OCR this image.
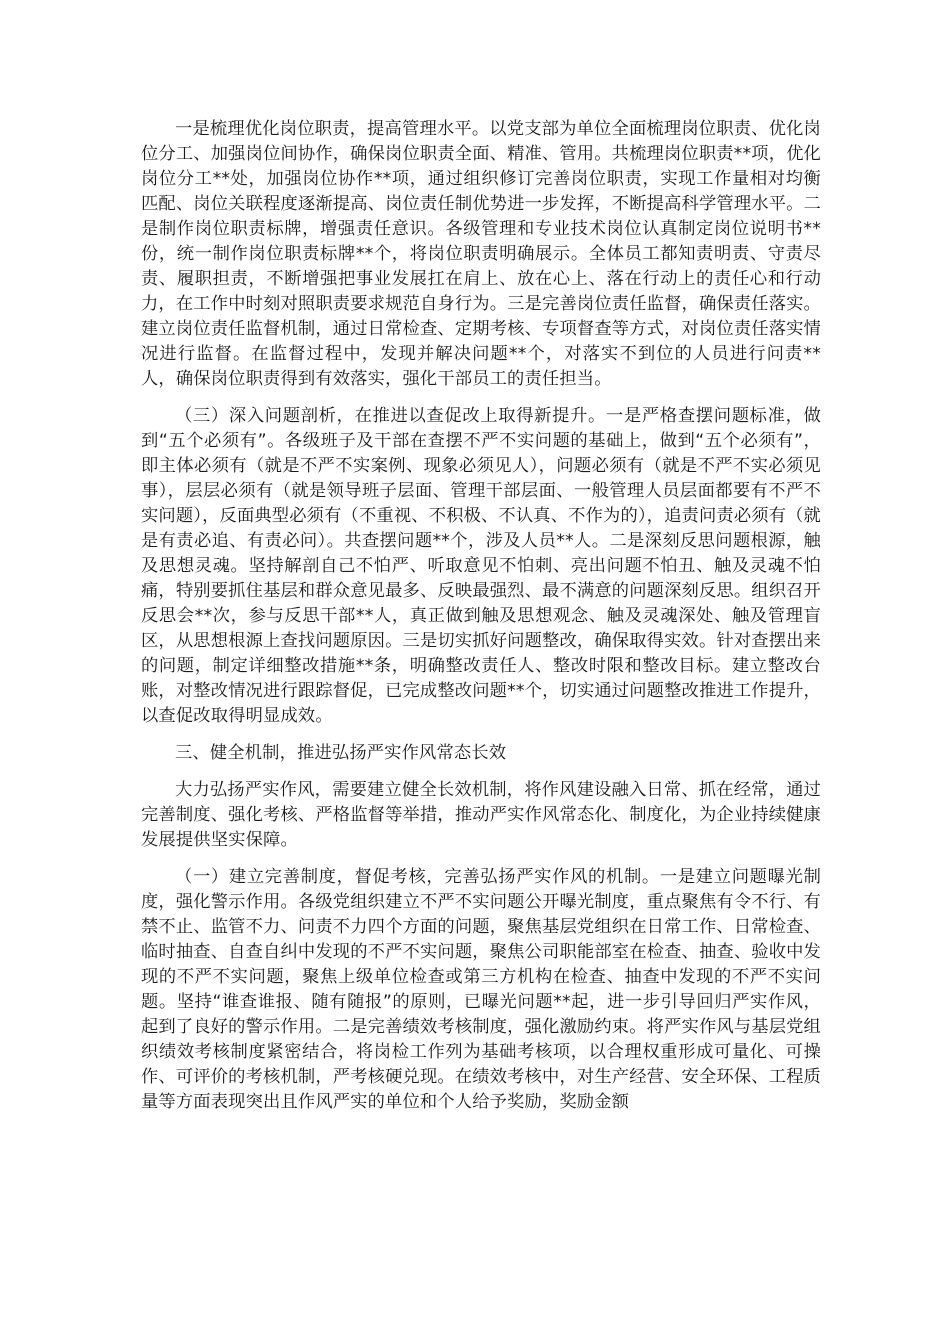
一是梳理优化岗位职责，提高管理水平。以党支部为单位全面梳理岗位职责、优化岗位分工、加强岗位间协作，确保岗位职责全面、精准、管用。共梳理岗位职责**项，优化岗位分工**处，加强岗位协作**项，通过组织修订完善岗位职责，实现工作量相对均衡匹配、岗位关联程度逐渐提高、岗位责任制优势进一步发挥，不断提高科学管理水平。二是制作岗位职责标牌，增强责任意识。各级管理和专业技术岗位认真制定岗位说明书**份，统一制作岗位职责标牌**个，将岗位职责明确展示。全体员工都知责明责、守责尽责、履职担责，不断增强把事业发展扛在肩上、放在心上、落在行动上的责任心和行动力，在工作中时刻对照职责要求规范自身行为。三是完善岗位责任监督，确保责任落实。建立岗位责任监督机制，通过日常检查、定期考核、专项督查等方式，对岗位责任落实情况进行监督。在监督过程中，发现并解决问题**个，对落实不到位的人员进行问责**人，确保岗位职责得到有效落实，强化干部员工的责任担当。

（三）深入问题剖析，在推进以查促改上取得新提升。一是严格查摆问题标准，做到“五个必须有”。各级班子及干部在查摆不严不实问题的基础上，做到“五个必须有”，即主体必须有（就是不严不实案例、现象必须见人），问题必须有（就是不严不实必须见事），层层必须有（就是领导班子层面、管理干部层面、一般管理人员层面都要有不严不实问题），反面典型必须有（不重视、不积极、不认真、不作为的），追责问责必须有（就是有责必追、有责必问）。共查摆问题**个，涉及人员**人。二是深刻反思问题根源，触及思想灵魂。坚持解剖自己不怕严、听取意见不怕刺、亮出问题不怕丑、触及灵魂不怕痛，特别要抓住基层和群众意见最多、反映最强烈、最不满意的问题深刻反思。组织召开反思会**次，参与反思干部**人，真正做到触及思想观念、触及灵魂深处、触及管理盲区，从思想根源上查找问题原因。三是切实抓好问题整改，确保取得实效。针对查摆出来的问题，制定详细整改措施**条，明确整改责任人、整改时限和整改目标。建立整改台账，对整改情况进行跟踪督促，已完成整改问题**个，切实通过问题整改推进工作提升，以查促改取得明显成效。

三、健全机制，推进弘扬严实作风常态长效

大力弘扬严实作风，需要建立健全长效机制，将作风建设融入日常、抓在经常，通过完善制度、强化考核、严格监督等举措，推动严实作风常态化、制度化，为企业持续健康发展提供坚实保障。

（一）建立完善制度，督促考核，完善弘扬严实作风的机制。一是建立问题曝光制度，强化警示作用。各级党组织建立不严不实问题公开曝光制度，重点聚焦有令不行、有禁不止、监管不力、问责不力四个方面的问题，聚焦基层党组织在日常工作、日常检查、临时抽查、自查自纠中发现的不严不实问题，聚焦公司职能部室在检查、抽查、验收中发现的不严不实问题，聚焦上级单位检查或第三方机构在检查、抽查中发现的不严不实问题。坚持“谁查谁报、随有随报”的原则，已曝光问题**起，进一步引导回归严实作风，起到了良好的警示作用。二是完善绩效考核制度，强化激励约束。将严实作风与基层党组织绩效考核制度紧密结合，将岗检工作列为基础考核项，以合理权重形成可量化、可操作、可评价的考核机制，严考核硬兑现。在绩效考核中，对生产经营、安全环保、工程质量等方面表现突出且作风严实的单位和个人给予奖励，奖励金额
